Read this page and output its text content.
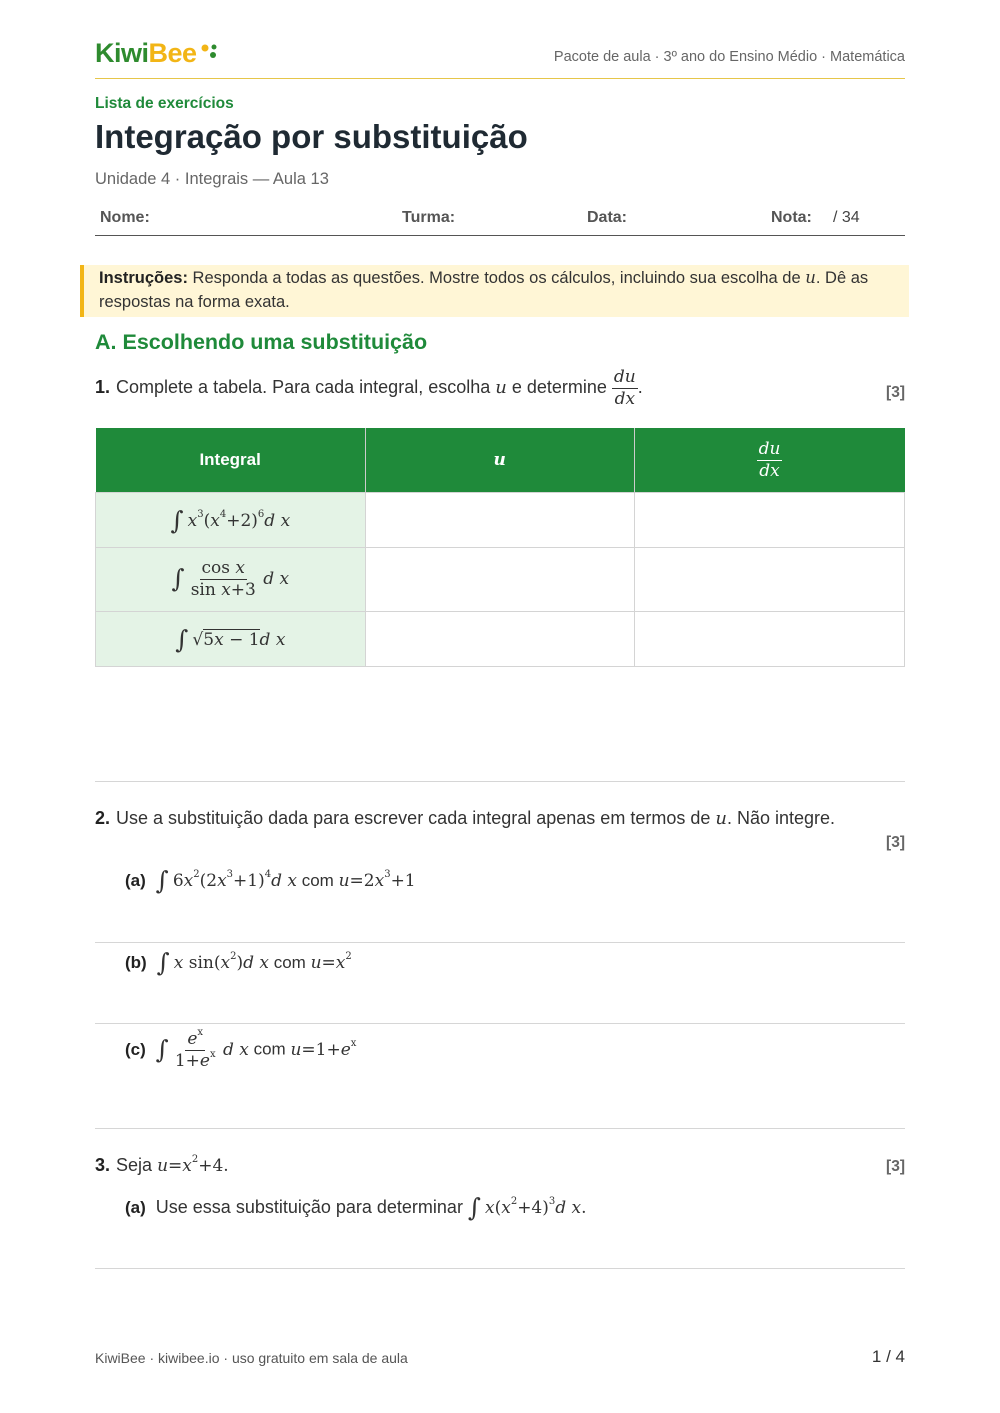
KiwiBee	Pacote de aula · 3º ano do Ensino Médio · Matemática
Lista de exercícios
Integração por substituição
Unidade 4 · Integrais — Aula 13
Nome:	Turma:	Data:	Nota: / 34
Instruções: Responda a todas as questões. Mostre todos os cálculos, incluindo sua escolha de u. Dê as respostas na forma exata.
A. Escolhendo uma substituição
1. Complete a tabela. Para cada integral, escolha u e determine $\frac{du}{dx}$ .	[3]
Integral	u	$\frac{du}{dx}$

∫ $x^3(x^4+2)^6d$ x		
∫ $\frac{\text{cos x}}{\text{sin x+3}}$ d x		
∫ √5x − 1d x		
2. Use a substituição dada para escrever cada integral apenas em termos de u. Não integre.
[3]
(a) ∫ $6x^2(2x^3+1)^4d$ x com $u=2x^3+1$
(b) ∫ x $\sin(x^2)d$ x com $u=x^2$
(c) ∫ $\frac{e^x}{1+e^x}$ d x com $u=1+e^x$
3. Seja $u=x^2+4$.	[3]
(a) Use essa substituição para determinar ∫ $x(x^2+4)^3d$ x.
KiwiBee · kiwibee.io · uso gratuito em sala de aula	1 / 4
